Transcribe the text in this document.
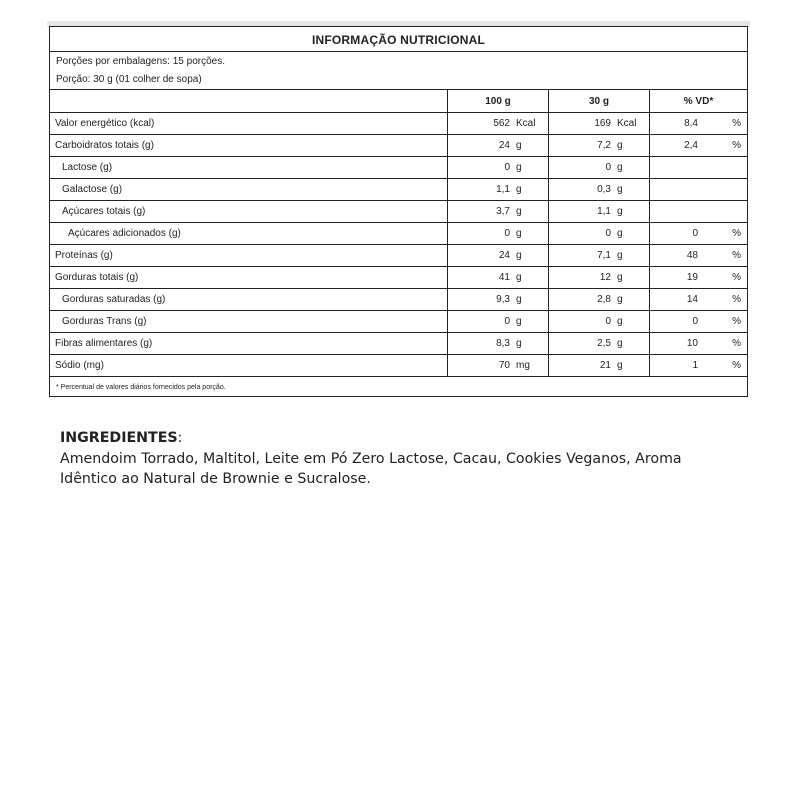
INFORMAÇÃO NUTRICIONAL
Porções por embalagens: 15 porções.
Porção: 30 g (01 colher de sopa)
	100 g	30 g	% VD*
Valor energético (kcal)	562 Kcal	169 Kcal	8,4 %

Carboidratos totais (g)	24 g	7,2 g	2,4 %

Lactose (g)	0 g	0 g	

Galactose (g)	1,1 g	0,3 g	

Açúcares totais (g)	3,7 g	1,1 g	

Açúcares adicionados (g)	0 g	0 g	0 %

Proteínas (g)	24 g	7,1 g	48 %

Gorduras totais (g)	41 g	12 g	19 %

Gorduras saturadas (g)	9,3 g	2,8 g	14 %

Gorduras Trans (g)	0 g	0 g	0 %

Fibras alimentares (g)	8,3 g	2,5 g	10 %

Sódio (mg)	70 mg	21 g	1 %
* Percentual de valores diários fornecidos pela porção.
INGREDIENTES:
Amendoim Torrado, Maltitol, Leite em Pó Zero Lactose, Cacau, Cookies Veganos, Aroma Idêntico ao Natural de Brownie e Sucralose.
